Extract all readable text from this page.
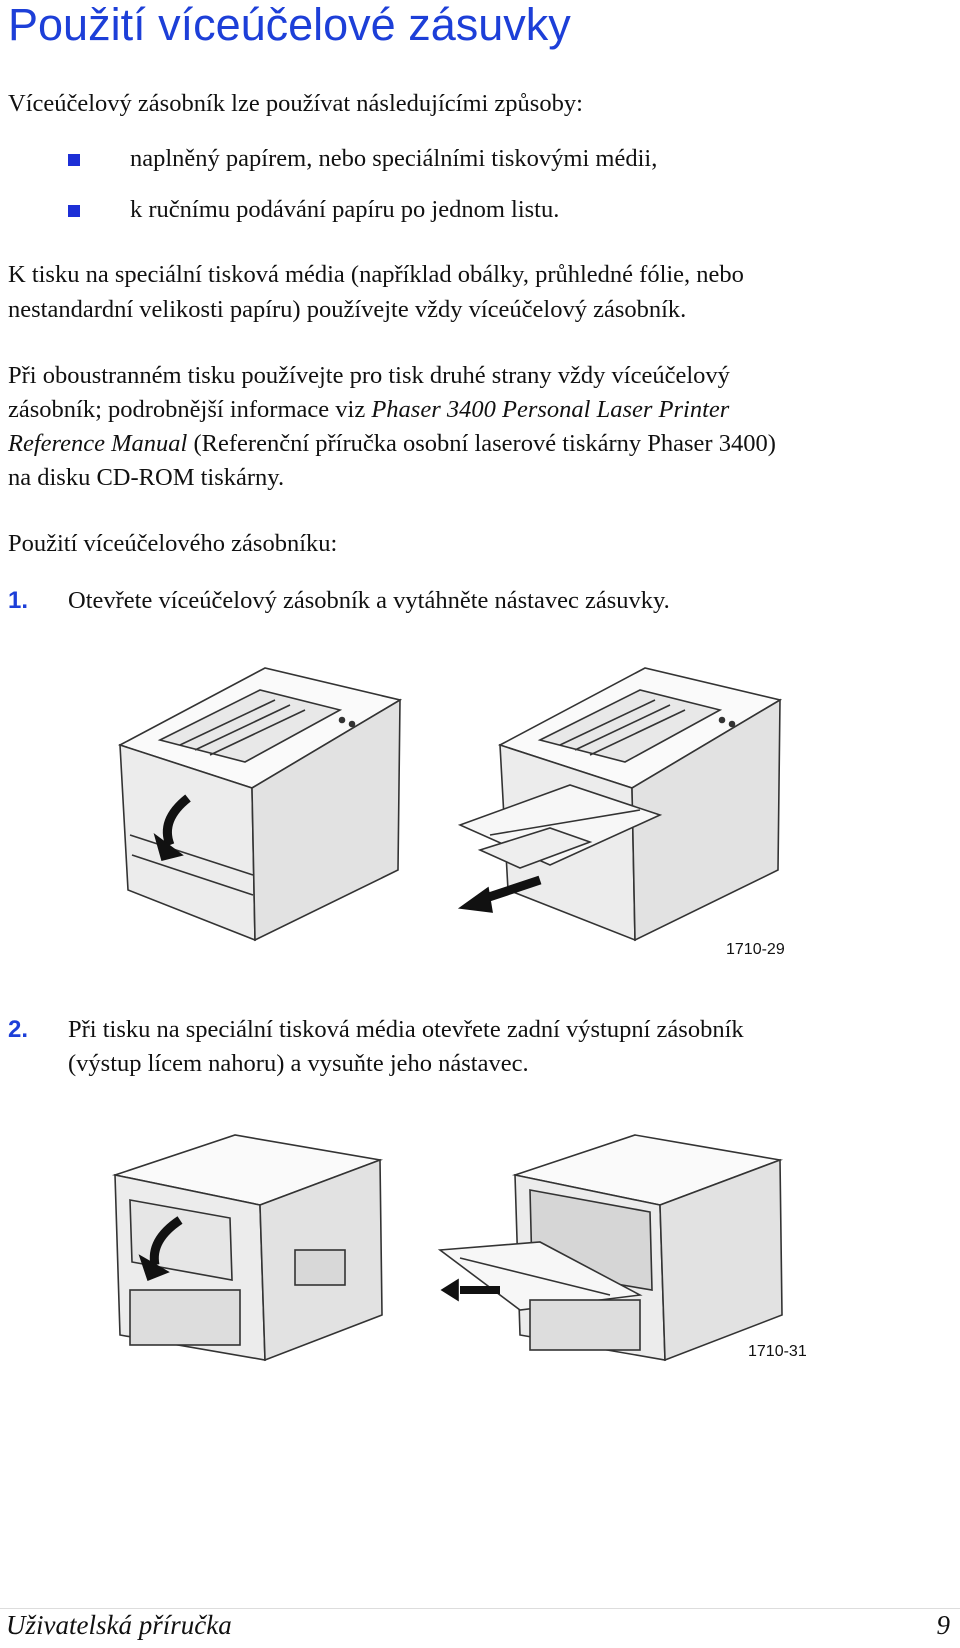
Použití víceúčelové zásuvky

Víceúčelový zásobník lze používat následujícími způsoby:

naplněný papírem, nebo speciálními tiskovými médii,

k ručnímu podávání papíru po jednom listu.

K tisku na speciální tisková média (například obálky, průhledné fólie, nebo

nestandardní velikosti papíru) používejte vždy víceúčelový zásobník.

Při oboustranném tisku používejte pro tisk druhé strany vždy víceúčelový

zásobník; podrobnější informace viz Phaser 3400 Personal Laser Printer

Reference Manual (Referenční příručka osobní laserové tiskárny Phaser 3400)

na disku CD-ROM tiskárny.

Použití víceúčelového zásobníku:

1. Otevřete víceúčelový zásobník a vytáhněte nástavec zásuvky.

1710-29

2. Při tisku na speciální tisková média otevřete zadní výstupní zásobník

(výstup lícem nahoru) a vysuňte jeho nástavec.

1710-31

Uživatelská příručka	9
